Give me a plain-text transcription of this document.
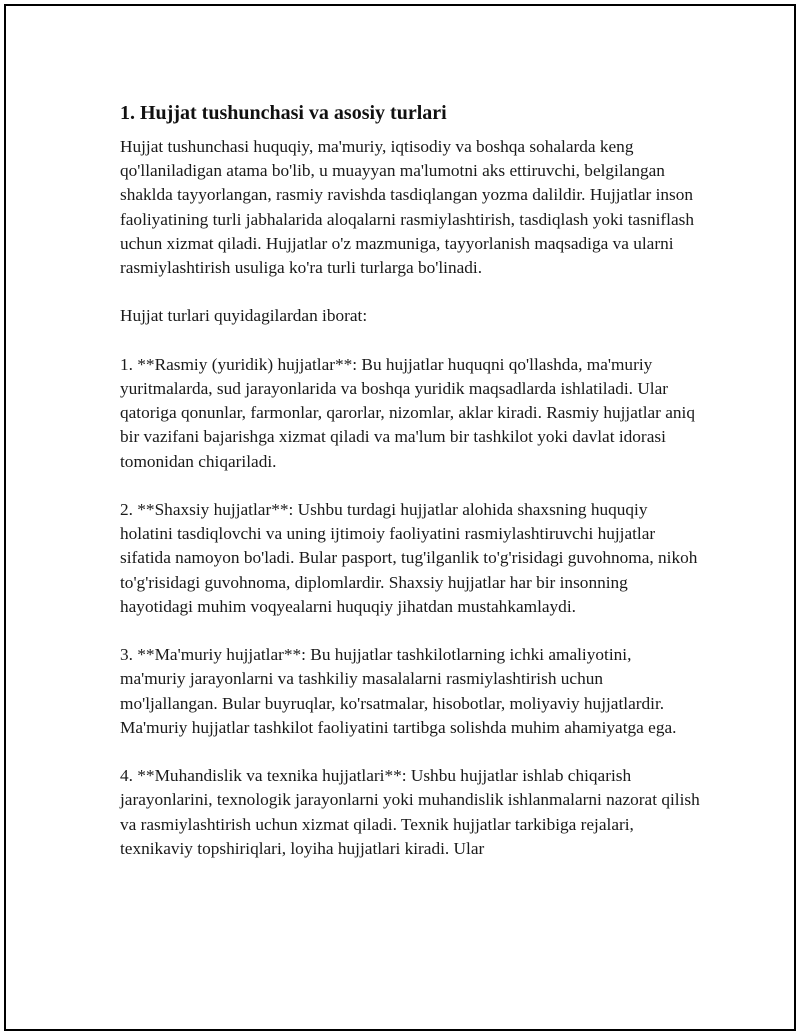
1. Hujjat tushunchasi va asosiy turlari

Hujjat tushunchasi huquqiy, ma'muriy, iqtisodiy va boshqa sohalarda keng qo'llaniladigan atama bo'lib, u muayyan ma'lumotni aks ettiruvchi, belgilangan shaklda tayyorlangan, rasmiy ravishda tasdiqlangan yozma dalildir. Hujjatlar inson faoliyatining turli jabhalarida aloqalarni rasmiylashtirish, tasdiqlash yoki tasniflash uchun xizmat qiladi. Hujjatlar o'z mazmuniga, tayyorlanish maqsadiga va ularni rasmiylashtirish usuliga ko'ra turli turlarga bo'linadi.

Hujjat turlari quyidagilardan iborat:

1. **Rasmiy (yuridik) hujjatlar**: Bu hujjatlar huquqni qo'llashda, ma'muriy yuritmalarda, sud jarayonlarida va boshqa yuridik maqsadlarda ishlatiladi. Ular qatoriga qonunlar, farmonlar, qarorlar, nizomlar, aklar kiradi. Rasmiy hujjatlar aniq bir vazifani bajarishga xizmat qiladi va ma'lum bir tashkilot yoki davlat idorasi tomonidan chiqariladi.

2. **Shaxsiy hujjatlar**: Ushbu turdagi hujjatlar alohida shaxsning huquqiy holatini tasdiqlovchi va uning ijtimoiy faoliyatini rasmiylashtiruvchi hujjatlar sifatida namoyon bo'ladi. Bular pasport, tug'ilganlik to'g'risidagi guvohnoma, nikoh to'g'risidagi guvohnoma, diplomlardir. Shaxsiy hujjatlar har bir insonning hayotidagi muhim voqyealarni huquqiy jihatdan mustahkamlaydi.

3. **Ma'muriy hujjatlar**: Bu hujjatlar tashkilotlarning ichki amaliyotini, ma'muriy jarayonlarni va tashkiliy masalalarni rasmiylashtirish uchun mo'ljallangan. Bular buyruqlar, ko'rsatmalar, hisobotlar, moliyaviy hujjatlardir. Ma'muriy hujjatlar tashkilot faoliyatini tartibga solishda muhim ahamiyatga ega.

4. **Muhandislik va texnika hujjatlari**: Ushbu hujjatlar ishlab chiqarish jarayonlarini, texnologik jarayonlarni yoki muhandislik ishlanmalarni nazorat qilish va rasmiylashtirish uchun xizmat qiladi. Texnik hujjatlar tarkibiga rejalari, texnikaviy topshiriqlari, loyiha hujjatlari kiradi. Ular
